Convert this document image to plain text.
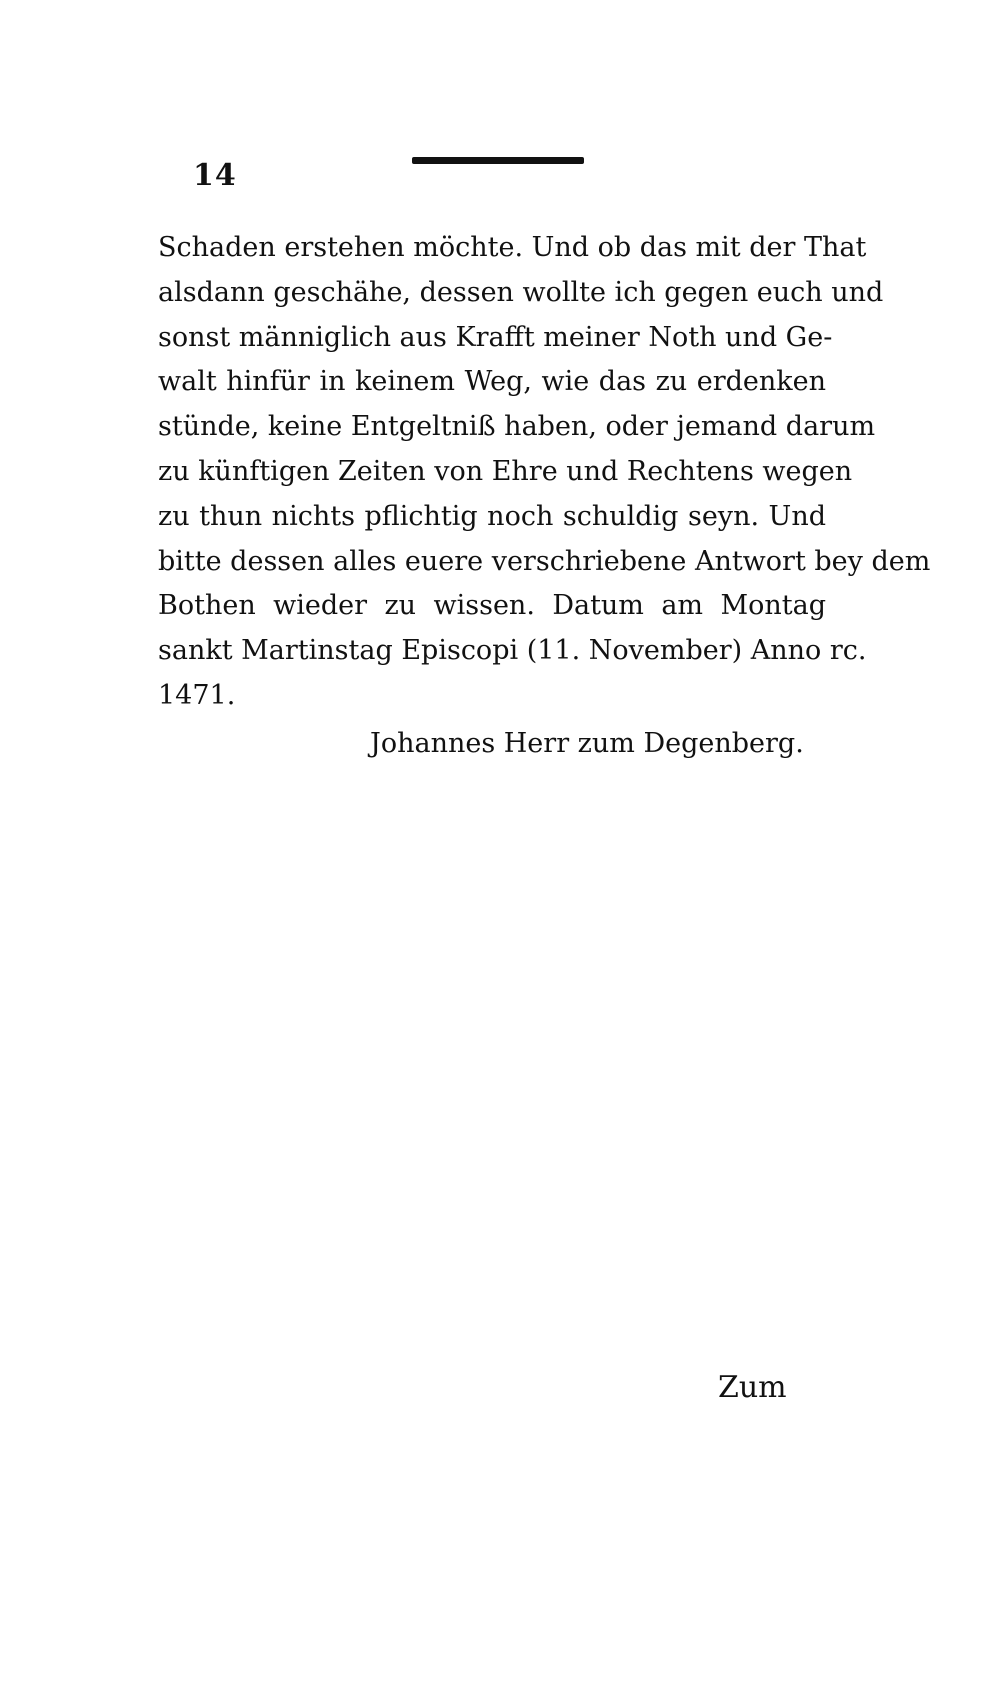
14
Schaden erstehen möchte. Und ob das mit der That
alsdann geschähe, dessen wollte ich gegen euch und
sonst männiglich aus Krafft meiner Noth und Ge-
walt hinfür in keinem Weg, wie das zu erdenken
stünde, keine Entgeltniß haben, oder jemand darum
zu künftigen Zeiten von Ehre und Rechtens wegen
zu thun nichts pflichtig noch schuldig seyn. Und
bitte dessen alles euere verschriebene Antwort bey dem
Bothen wieder zu wissen. Datum am Montag
sankt Martinstag Episcopi (11. November) Anno rc.
1471.
Johannes Herr zum Degenberg.
Zum
